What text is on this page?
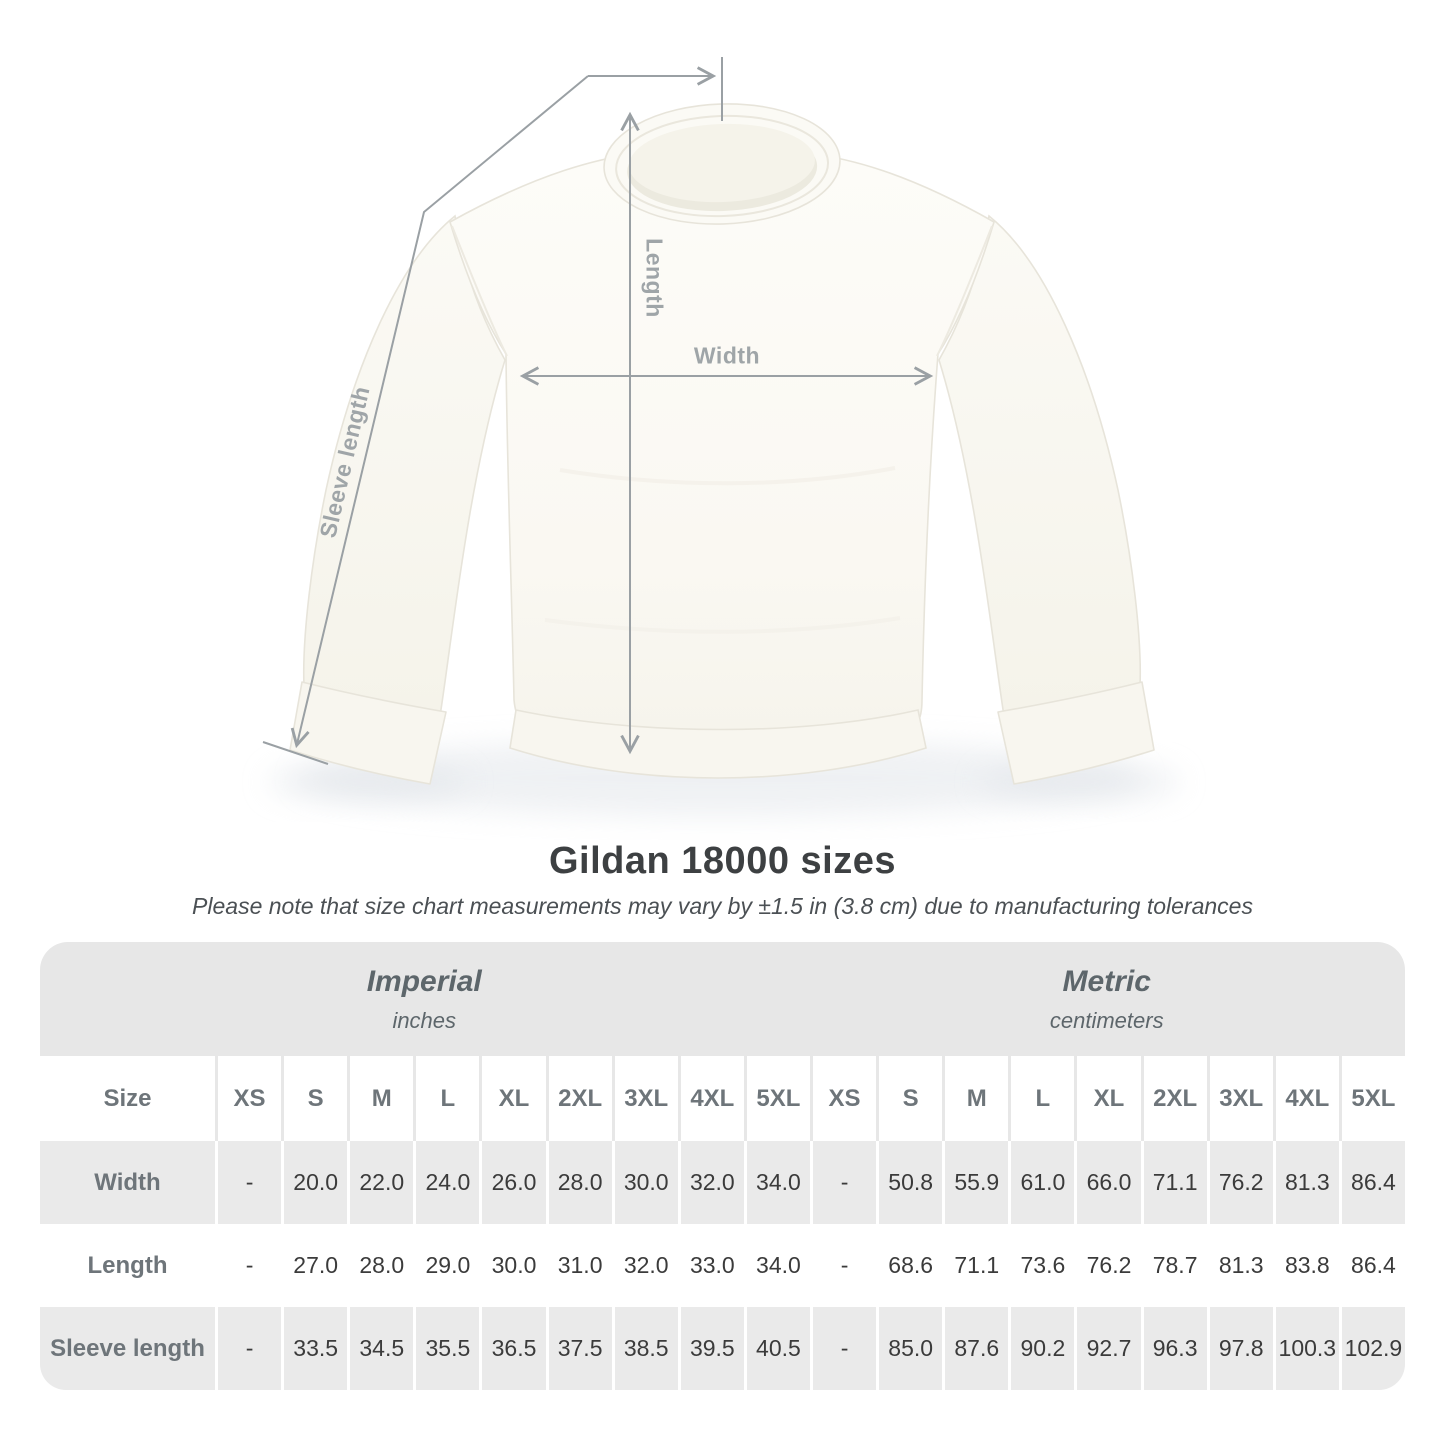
Width
Length
Sleeve length
Gildan 18000 sizes

Please note that size chart measurements may vary by ±1.5 in (3.8 cm) due to manufacturing tolerances

Imperial
inches
Metric
centimeters
Size	XS	S	M	L	XL	2XL 3XL 4XL 5XL	XS	S	M	L	XL	2XL 3XL 4XL 5XL
Width	-	20.0 22.0 24.0 26.0 28.0 30.0 32.0 34.0	-	50.8 55.9 61.0 66.0 71.1 76.2 81.3 86.4
Length	-	27.0 28.0 29.0 30.0 31.0 32.0 33.0 34.0	-	68.6 71.1 73.6 76.2 78.7 81.3 83.8 86.4
Sleeve length	-	33.5 34.5 35.5 36.5 37.5 38.5 39.5 40.5	-	85.0 87.6 90.2 92.7 96.3 97.8 100.3 102.9
